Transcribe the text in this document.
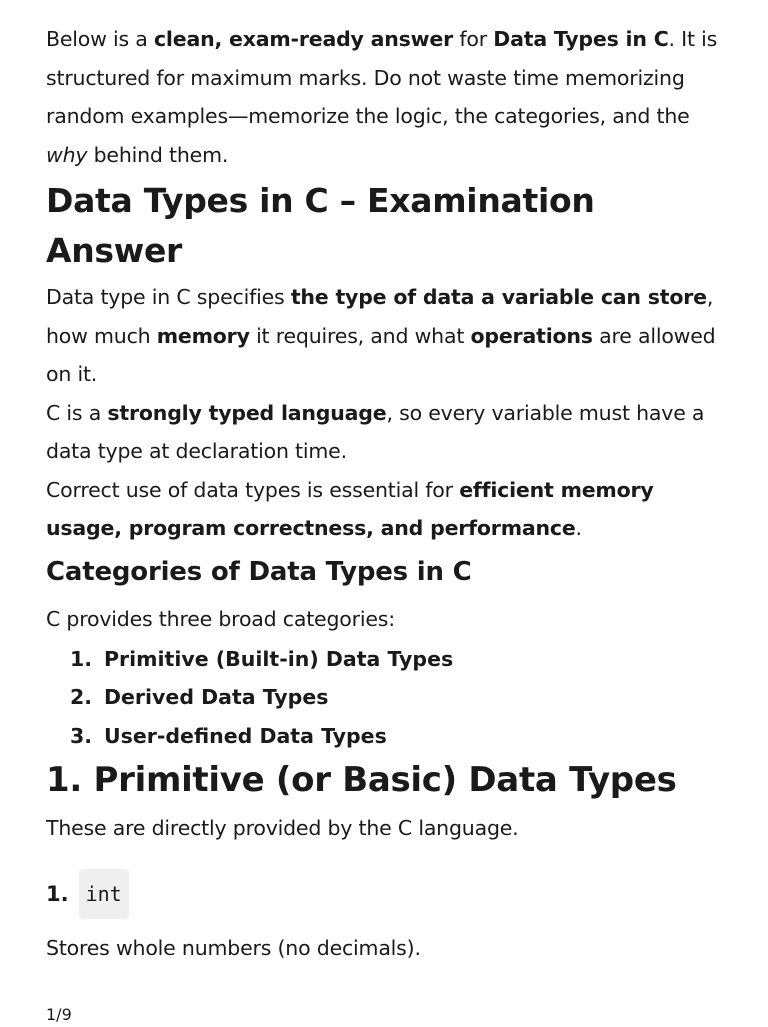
Below is a clean, exam-ready answer for Data Types in C. It is structured for maximum marks. Do not waste time memorizing random examples—memorize the logic, the categories, and the why behind them.

Data Types in C – Examination Answer

Data type in C specifies the type of data a variable can store, how much memory it requires, and what operations are allowed on it.

C is a strongly typed language, so every variable must have a data type at declaration time.

Correct use of data types is essential for efficient memory usage, program correctness, and performance.

Categories of Data Types in C

C provides three broad categories:

1. Primitive (Built-in) Data Types
2. Derived Data Types
3. User-defined Data Types
1. Primitive (or Basic) Data Types

These are directly provided by the C language.

1. int

Stores whole numbers (no decimals).

1/9
